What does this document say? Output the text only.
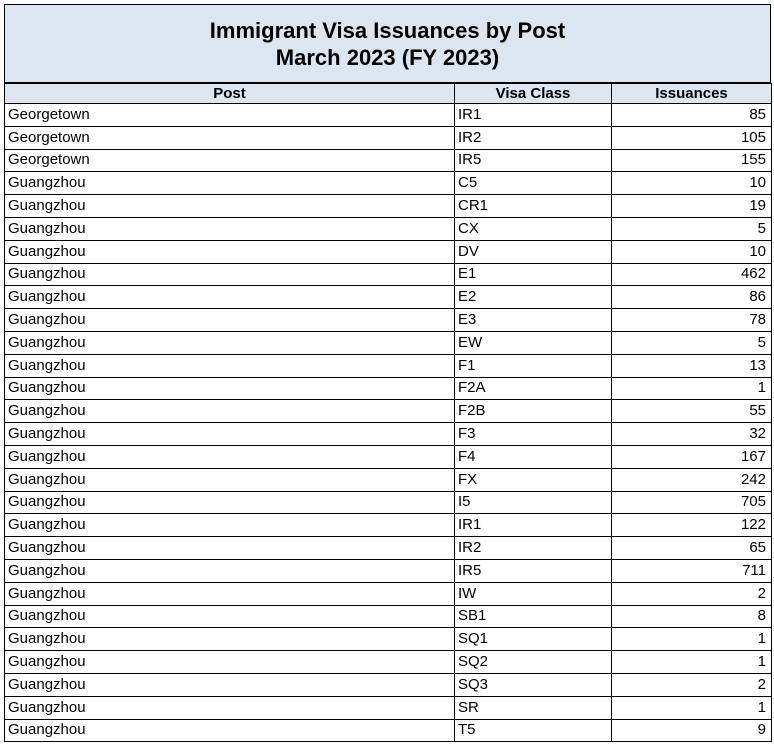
Immigrant Visa Issuances by Post
March 2023 (FY 2023)
Post	Visa Class	Issuances
Georgetown	IR1	85
Georgetown	IR2	105
Georgetown	IR5	155
Guangzhou	C5	10
Guangzhou	CR1	19
Guangzhou	CX	5
Guangzhou	DV	10
Guangzhou	E1	462
Guangzhou	E2	86
Guangzhou	E3	78
Guangzhou	EW	5
Guangzhou	F1	13
Guangzhou	F2A	1
Guangzhou	F2B	55
Guangzhou	F3	32
Guangzhou	F4	167
Guangzhou	FX	242
Guangzhou	I5	705
Guangzhou	IR1	122
Guangzhou	IR2	65
Guangzhou	IR5	711
Guangzhou	IW	2
Guangzhou	SB1	8
Guangzhou	SQ1	1
Guangzhou	SQ2	1
Guangzhou	SQ3	2
Guangzhou	SR	1
Guangzhou	T5	9
